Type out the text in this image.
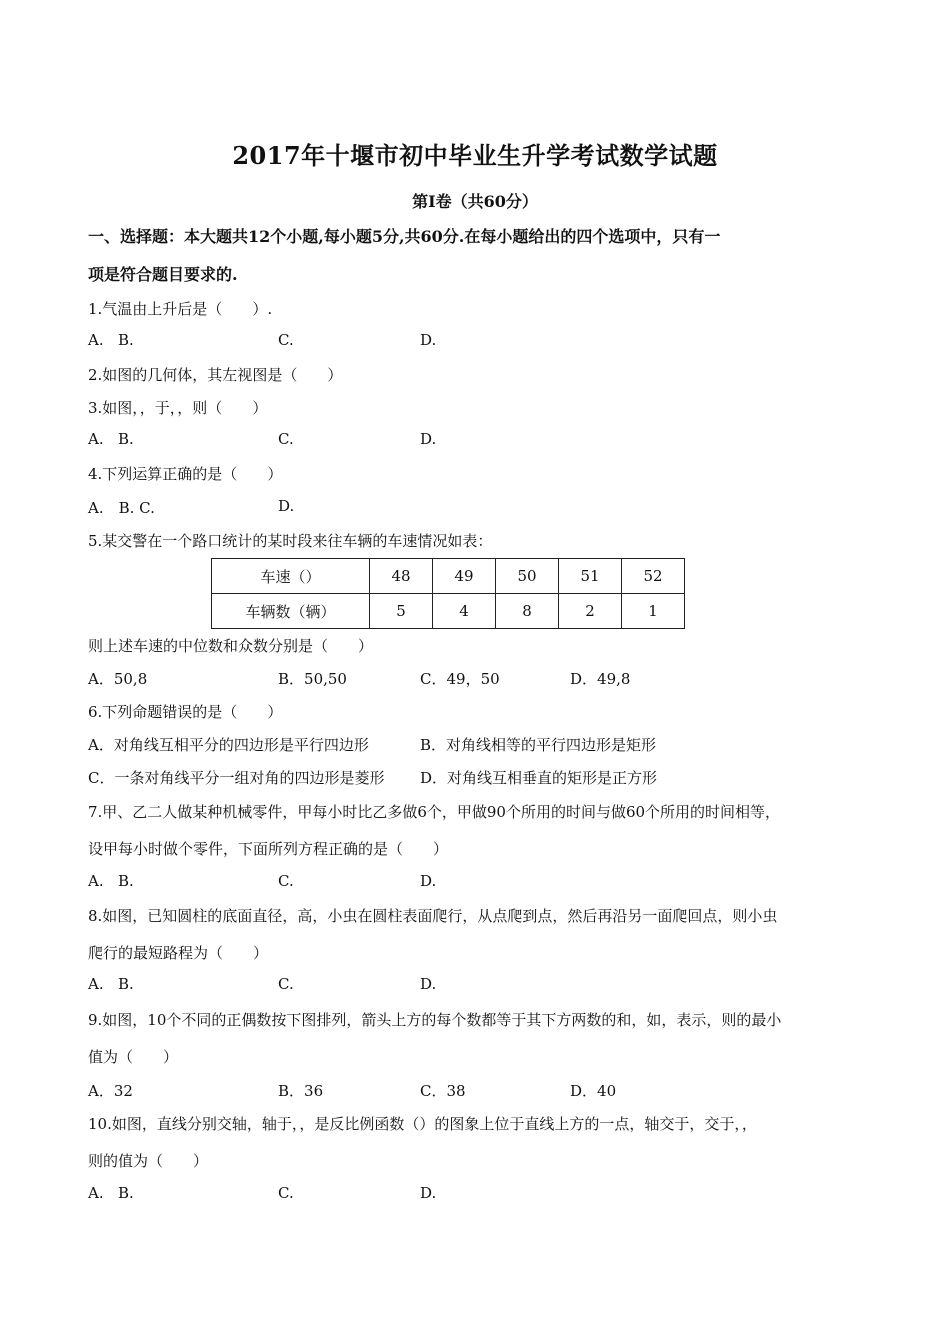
2017年十堰市初中毕业生升学考试数学试题
第Ⅰ卷（共60分）
一、选择题：本大题共12个小题,每小题5分,共60分.在每小题给出的四个选项中，只有一
项是符合题目要求的.
1.气温由上升后是（　　）.
A. B.	C.	D.
2.如图的几何体，其左视图是（　　）
3.如图，，于，，则（　　）
A. B.	C.	D.
4.下列运算正确的是（　　）
A.　B. C.	D.
5.某交警在一个路口统计的某时段来往车辆的车速情况如表：
车速（）	48	49	50	51	52
车辆数（辆）	5	4	8	2	1
则上述车速的中位数和众数分别是（　　）
A．50,8	B．50,50	C．49，50	D．49,8
6.下列命题错误的是（　　）
A．对角线互相平分的四边形是平行四边形	B．对角线相等的平行四边形是矩形
C．一条对角线平分一组对角的四边形是菱形 D．对角线互相垂直的矩形是正方形
7.甲、乙二人做某种机械零件，甲每小时比乙多做6个，甲做90个所用的时间与做60个所用的时间相等，
设甲每小时做个零件，下面所列方程正确的是（　　）
A. B.	C.	D.
8.如图，已知圆柱的底面直径，高，小虫在圆柱表面爬行，从点爬到点，然后再沿另一面爬回点，则小虫
爬行的最短路程为（　　）
A. B.	C.	D.
9.如图，10个不同的正偶数按下图排列，箭头上方的每个数都等于其下方两数的和，如，表示，则的最小
值为（　　）
A．32	B．36	C．38	D．40
10.如图，直线分别交轴，轴于，，是反比例函数（）的图象上位于直线上方的一点，轴交于，交于，，
则的值为（　　）
A. B.	C.	D.
